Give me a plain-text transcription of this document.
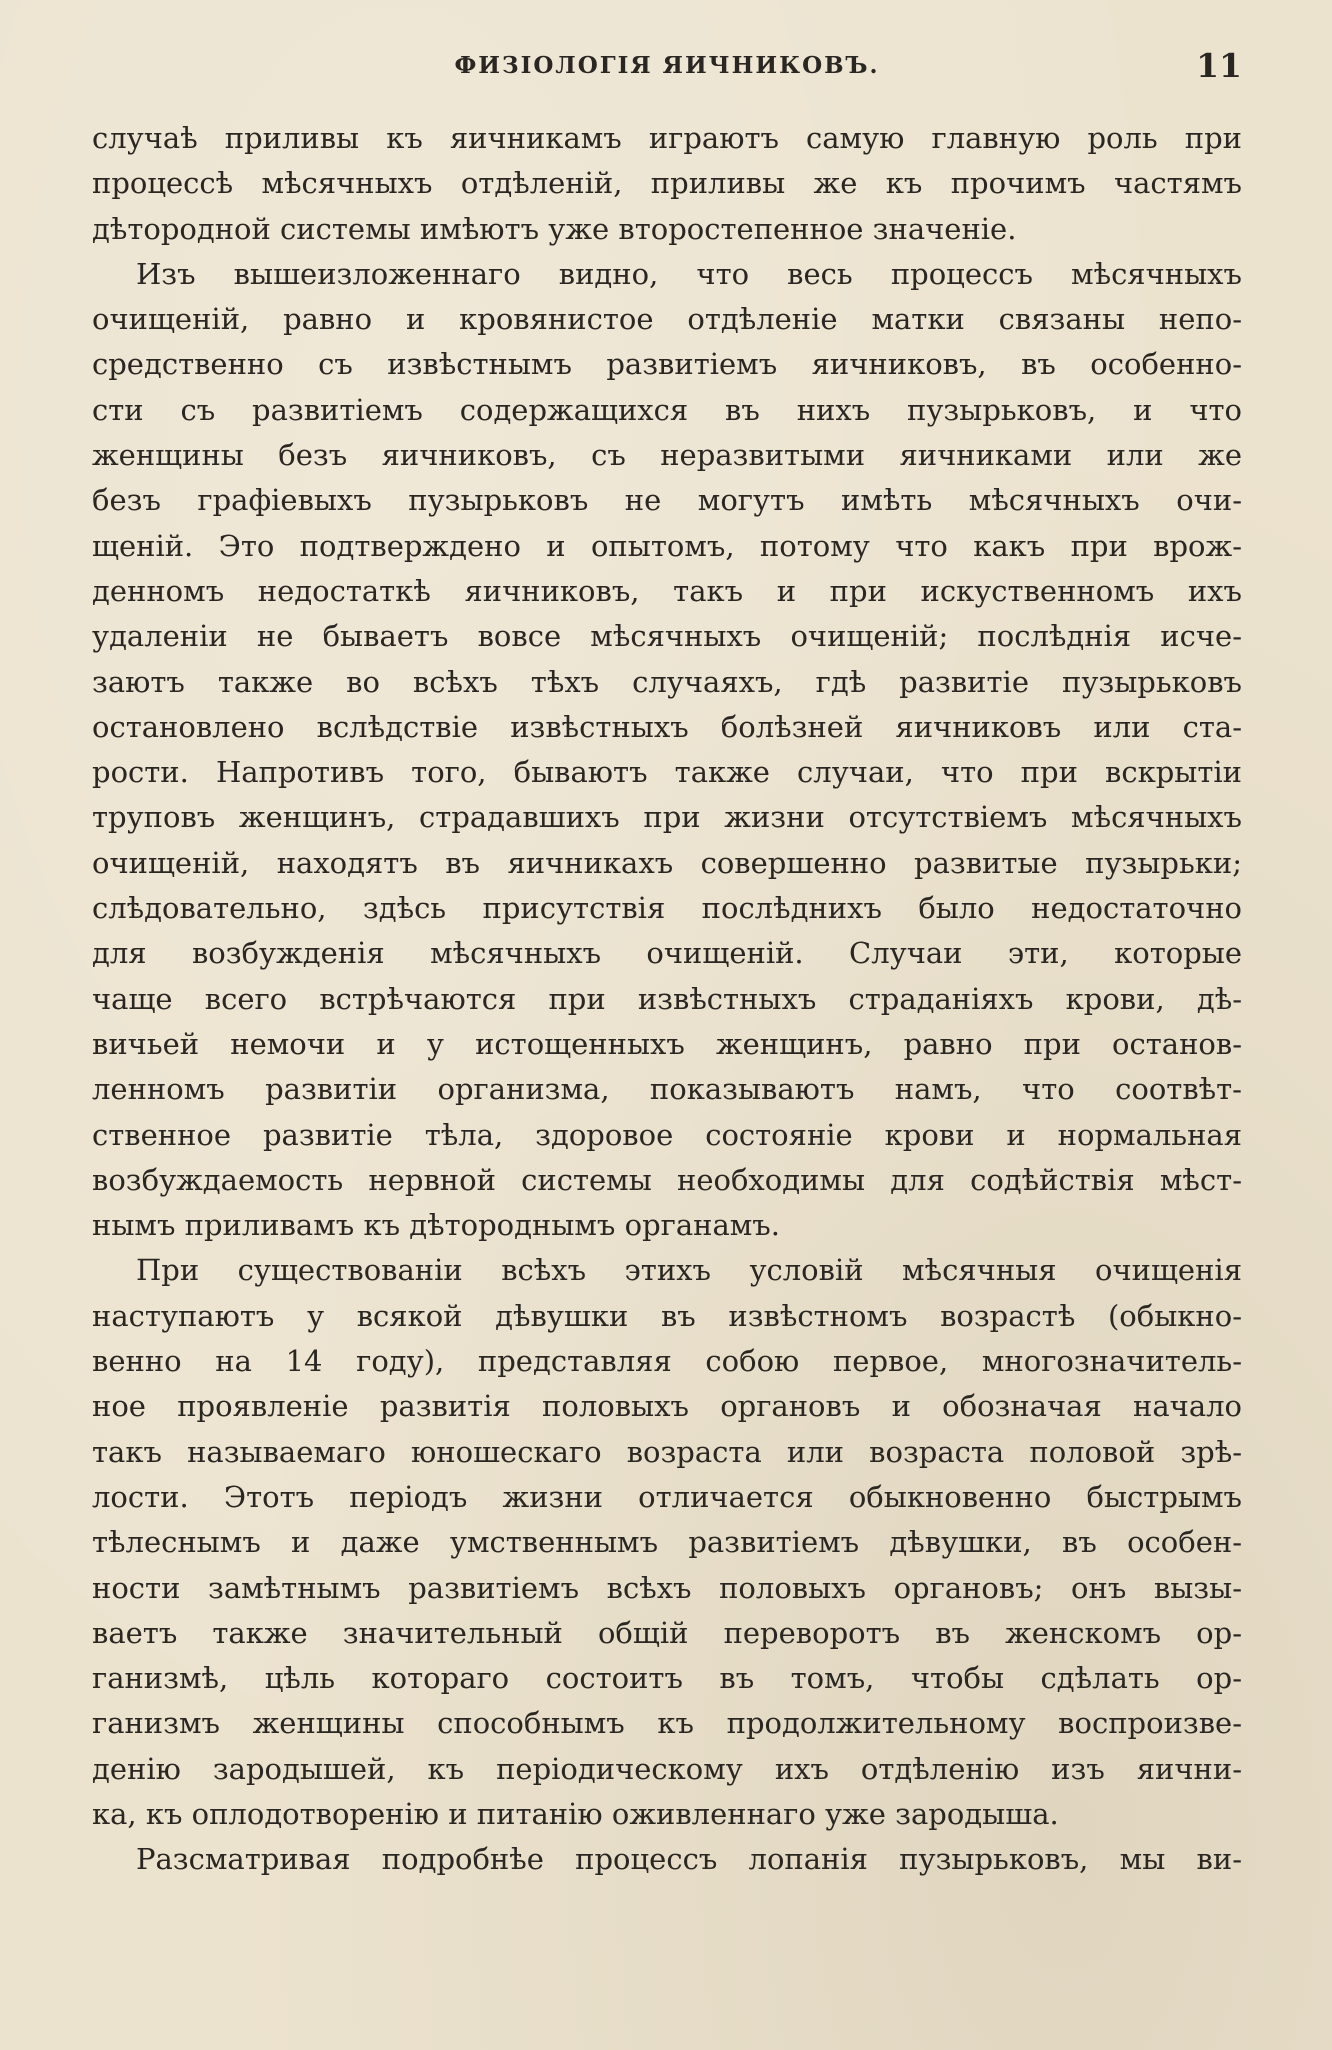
ФИЗІОЛОГІЯ ЯИЧНИКОВЪ.	11
случаѣ приливы къ яичникамъ играютъ самую главную роль при
процессѣ мѣсячныхъ отдѣленій, приливы же къ прочимъ частямъ
дѣтородной системы имѣютъ уже второстепенное значеніе.
Изъ вышеизложеннаго видно, что весь процессъ мѣсячныхъ
очищеній, равно и кровянистое отдѣленіе матки связаны непо-
средственно съ извѣстнымъ развитіемъ яичниковъ, въ особенно-
сти съ развитіемъ содержащихся въ нихъ пузырьковъ, и что
женщины безъ яичниковъ, съ неразвитыми яичниками или же
безъ графіевыхъ пузырьковъ не могутъ имѣть мѣсячныхъ очи-
щеній. Это подтверждено и опытомъ, потому что какъ при врож-
денномъ недостаткѣ яичниковъ, такъ и при искуственномъ ихъ
удаленіи не бываетъ вовсе мѣсячныхъ очищеній; послѣднія исче-
заютъ также во всѣхъ тѣхъ случаяхъ, гдѣ развитіе пузырьковъ
остановлено вслѣдствіе извѣстныхъ болѣзней яичниковъ или ста-
рости. Напротивъ того, бываютъ также случаи, что при вскрытіи
труповъ женщинъ, страдавшихъ при жизни отсутствіемъ мѣсячныхъ
очищеній, находятъ въ яичникахъ совершенно развитые пузырьки;
слѣдовательно, здѣсь присутствія послѣднихъ было недостаточно
для возбужденія мѣсячныхъ очищеній. Случаи эти, которые
чаще всего встрѣчаются при извѣстныхъ страданіяхъ крови, дѣ-
вичьей немочи и у истощенныхъ женщинъ, равно при останов-
ленномъ развитіи организма, показываютъ намъ, что соотвѣт-
ственное развитіе тѣла, здоровое состояніе крови и нормальная
возбуждаемость нервной системы необходимы для содѣйствія мѣст-
нымъ приливамъ къ дѣтороднымъ органамъ.
При существованіи всѣхъ этихъ условій мѣсячныя очищенія
наступаютъ у всякой дѣвушки въ извѣстномъ возрастѣ (обыкно-
венно на 14 году), представляя собою первое, многозначитель-
ное проявленіе развитія половыхъ органовъ и обозначая начало
такъ называемаго юношескаго возраста или возраста половой зрѣ-
лости. Этотъ періодъ жизни отличается обыкновенно быстрымъ
тѣлеснымъ и даже умственнымъ развитіемъ дѣвушки, въ особен-
ности замѣтнымъ развитіемъ всѣхъ половыхъ органовъ; онъ вызы-
ваетъ также значительный общій переворотъ въ женскомъ ор-
ганизмѣ, цѣль котораго состоитъ въ томъ, чтобы сдѣлать ор-
ганизмъ женщины способнымъ къ продолжительному воспроизве-
денію зародышей, къ періодическому ихъ отдѣленію изъ яични-
ка, къ оплодотворенію и питанію оживленнаго уже зародыша.
Разсматривая подробнѣе процессъ лопанія пузырьковъ, мы ви-
